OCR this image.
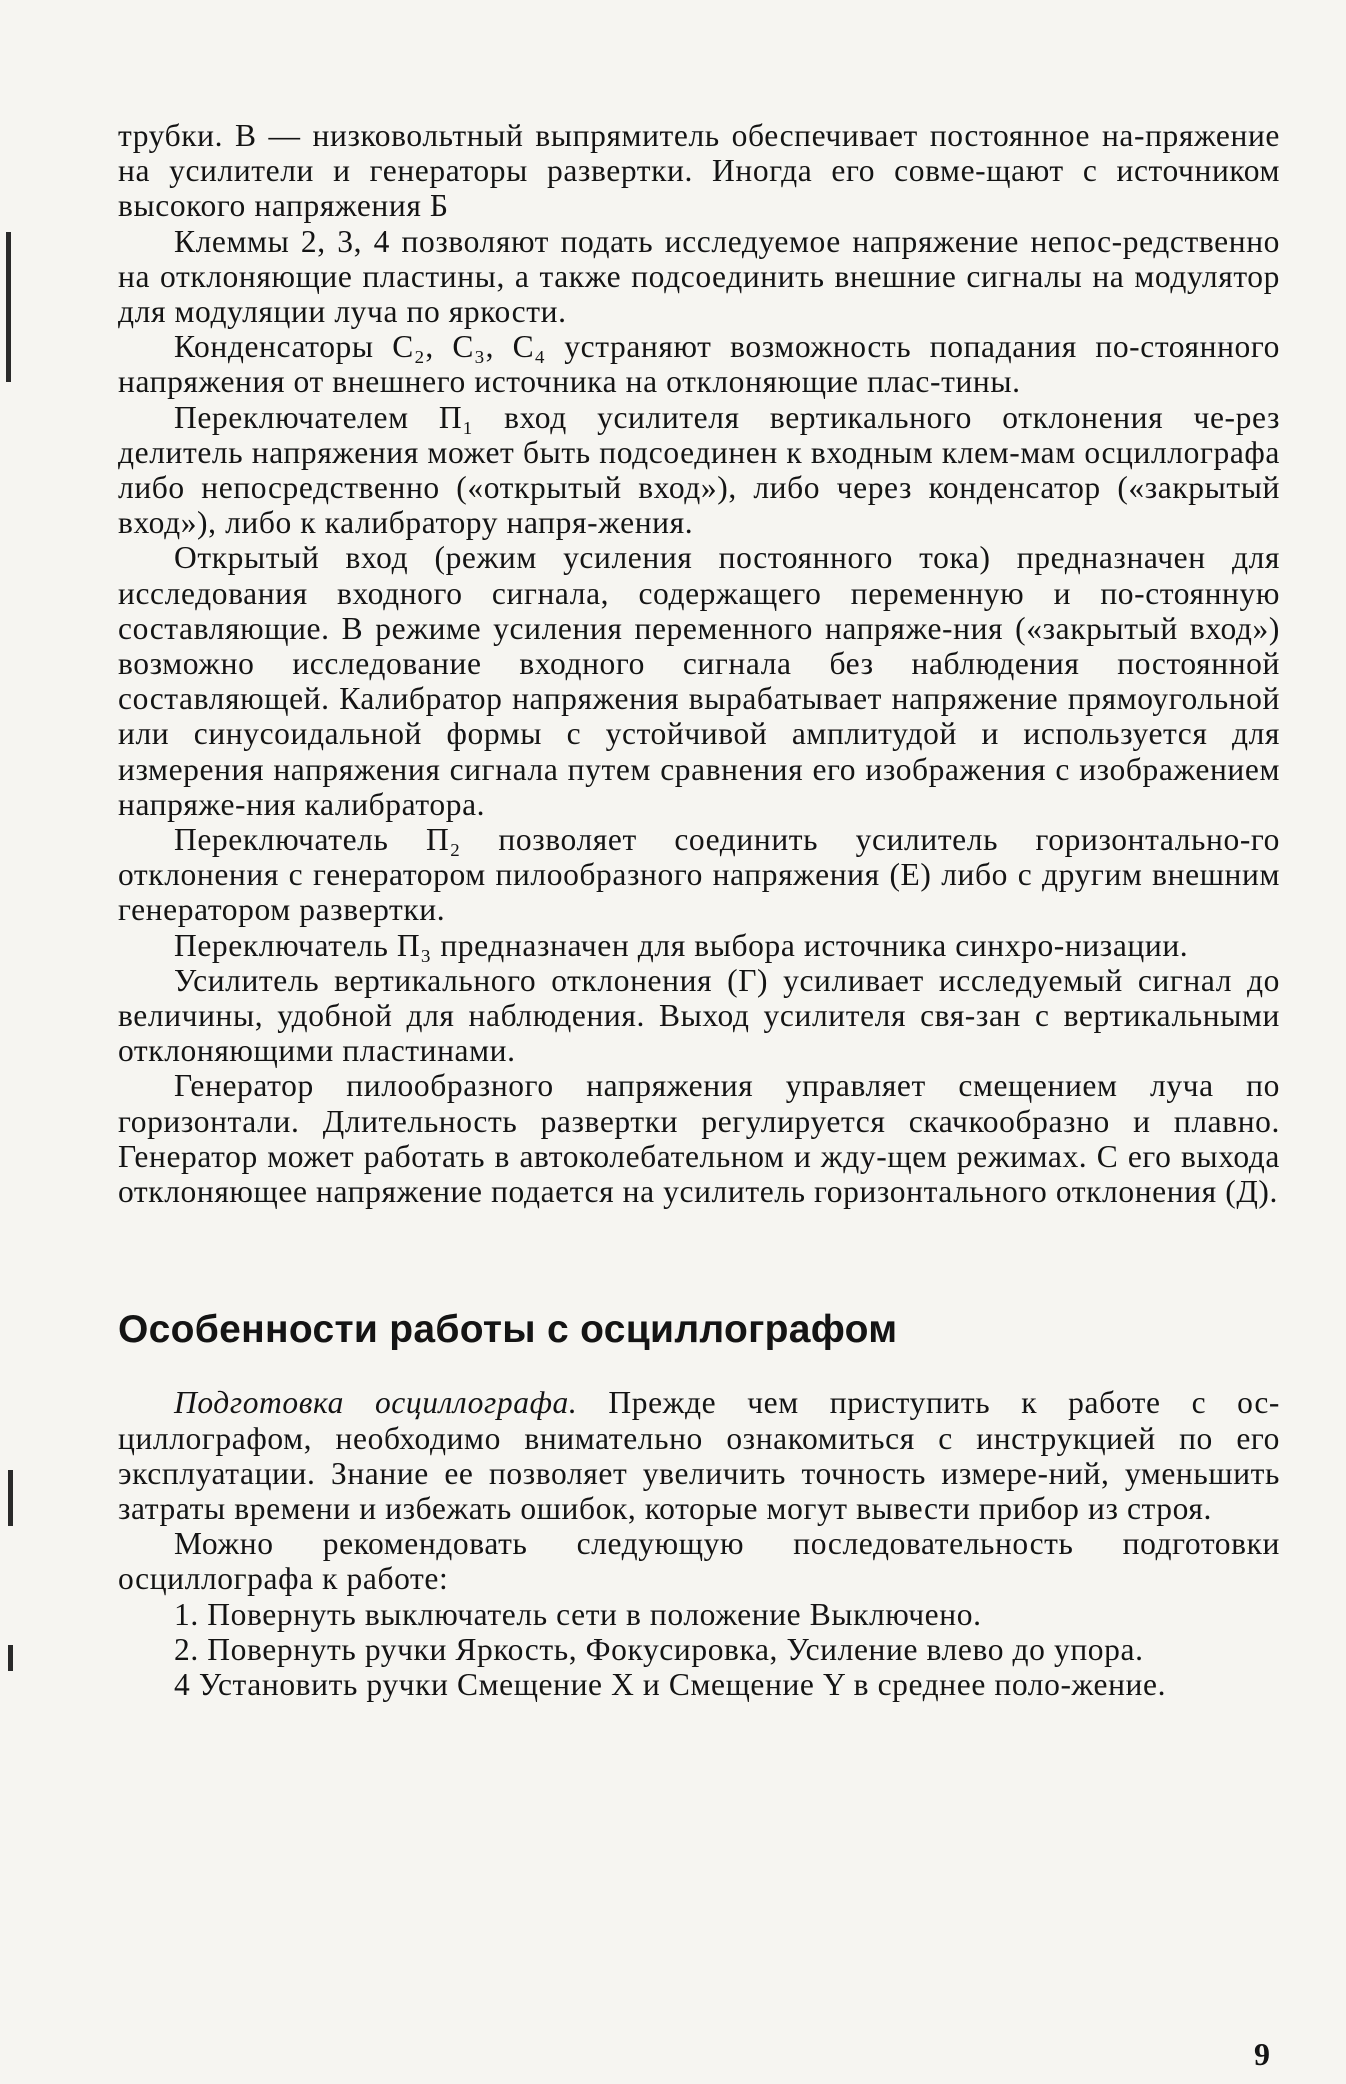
трубки. В — низковольтный выпрямитель обеспечивает постоянное на-пряжение на усилители и генераторы развертки. Иногда его совме-щают с источником высокого напряжения Б

Клеммы 2, 3, 4 позволяют подать исследуемое напряжение непос-редственно на отклоняющие пластины, а также подсоединить внешние сигналы на модулятор для модуляции луча по яркости.

Конденсаторы C₂, C₃, C₄ устраняют возможность попадания по-стоянного напряжения от внешнего источника на отклоняющие плас-тины.

Переключателем П₁ вход усилителя вертикального отклонения че-рез делитель напряжения может быть подсоединен к входным клем-мам осциллографа либо непосредственно («открытый вход»), либо через конденсатор («закрытый вход»), либо к калибратору напря-жения.

Открытый вход (режим усиления постоянного тока) предназначен для исследования входного сигнала, содержащего переменную и по-стоянную составляющие. В режиме усиления переменного напряже-ния («закрытый вход») возможно исследование входного сигнала без наблюдения постоянной составляющей. Калибратор напряжения вырабатывает напряжение прямоугольной или синусоидальной формы с устойчивой амплитудой и используется для измерения напряжения сигнала путем сравнения его изображения с изображением напряже-ния калибратора.

Переключатель П₂ позволяет соединить усилитель горизонтально-го отклонения с генератором пилообразного напряжения (Е) либо с другим внешним генератором развертки.

Переключатель П₃ предназначен для выбора источника синхро-низации.

Усилитель вертикального отклонения (Г) усиливает исследуемый сигнал до величины, удобной для наблюдения. Выход усилителя свя-зан с вертикальными отклоняющими пластинами.

Генератор пилообразного напряжения управляет смещением луча по горизонтали. Длительность развертки регулируется скачкообразно и плавно. Генератор может работать в автоколебательном и жду-щем режимах. С его выхода отклоняющее напряжение подается на усилитель горизонтального отклонения (Д).

Особенности работы с осциллографом

Подготовка осциллографа. Прежде чем приступить к работе с ос-циллографом, необходимо внимательно ознакомиться с инструкцией по его эксплуатации. Знание ее позволяет увеличить точность измере-ний, уменьшить затраты времени и избежать ошибок, которые могут вывести прибор из строя.

Можно рекомендовать следующую последовательность подготовки осциллографа к работе:

1. Повернуть выключатель сети в положение Выключено.

2. Повернуть ручки Яркость, Фокусировка, Усиление влево до упора.

4 Установить ручки Смещение X и Смещение Y в среднее поло-жение.

9
